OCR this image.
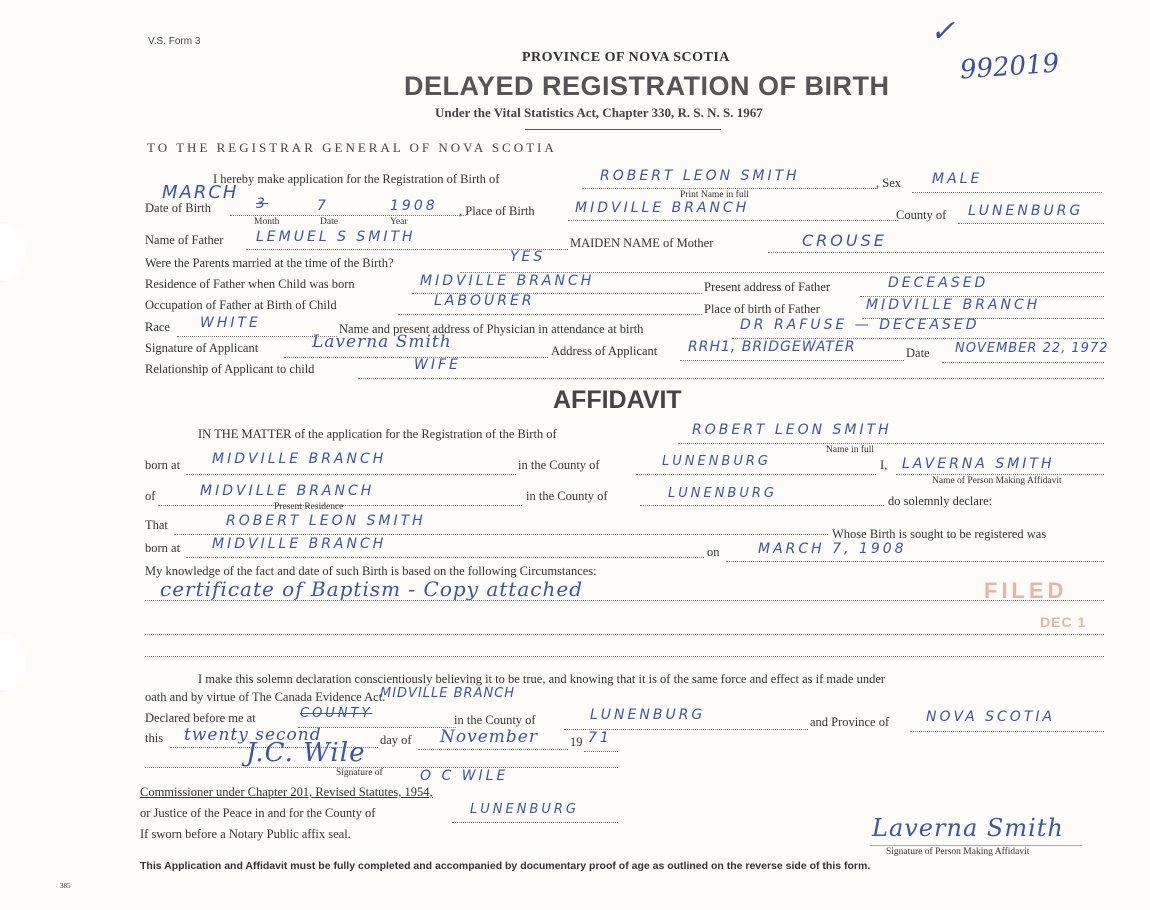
V.S. Form 3
PROVINCE OF NOVA SCOTIA
DELAYED REGISTRATION OF BIRTH
Under the Vital Statistics Act, Chapter 330, R. S. N. S. 1967
✓
992019
TO THE REGISTRAR GENERAL OF NOVA SCOTIA
I hereby make application for the Registration of Birth of	ROBERT LEON SMITH
Print Name in full
, Sex MALE
Date of Birth
MARCH
3	7	1908
Month	Date	Year
, Place of Birth	MIDVILLE BRANCH	County of LUNENBURG
Name of Father LEMUEL S SMITH	MAIDEN NAME of Mother	CROUSE
Were the Parents married at the time of the Birth?	YES
Residence of Father when Child was born	MIDVILLE BRANCH	Present address of Father	DECEASED
Occupation of Father at Birth of Child	LABOURER	Place of birth of Father	MIDVILLE BRANCH
Race WHITE	Name and present address of Physician in attendance at birth	DR RAFUSE — DECEASED
Signature of Applicant	Laverna Smith	Address of Applicant RRH1, BRIDGEWATER	Date NOVEMBER 22, 1972
Relationship of Applicant to child	WIFE
AFFIDAVIT
IN THE MATTER of the application for the Registration of the Birth of	ROBERT LEON SMITH
Name in full
born at MIDVILLE BRANCH	in the County of	LUNENBURG	I, LAVERNA SMITH
Name of Person Making Affidavit
of	MIDVILLE BRANCH
Present Residence
in the County of	LUNENBURG	do solemnly declare:
That	ROBERT LEON SMITH
Whose Birth is sought to be registered was
born at MIDVILLE BRANCH	on	MARCH 7, 1908
My knowledge of the fact and date of such Birth is based on the following Circumstances:
certificate of Baptism - Copy attached
I make this solemn declaration conscientiously believing it to be true, and knowing that it is of the same force and effect as if made under
oath and by virtue of The Canada Evidence Act.
Declared before me at	COUNTY
MIDVILLE BRANCH
in the County of	LUNENBURG	and Province of	NOVA SCOTIA
this twenty second	day of November	19 71
J.C. Wile
Signature of	O C WILE
Commissioner under Chapter 201, Revised Statutes, 1954,
or Justice of the Peace in and for the County of	LUNENBURG
If sworn before a Notary Public affix seal.	Laverna Smith
Signature of Person Making Affidavit
FILED
DEC 1
This Application and Affidavit must be fully completed and accompanied by documentary proof of age as outlined on the reverse side of this form.
385
